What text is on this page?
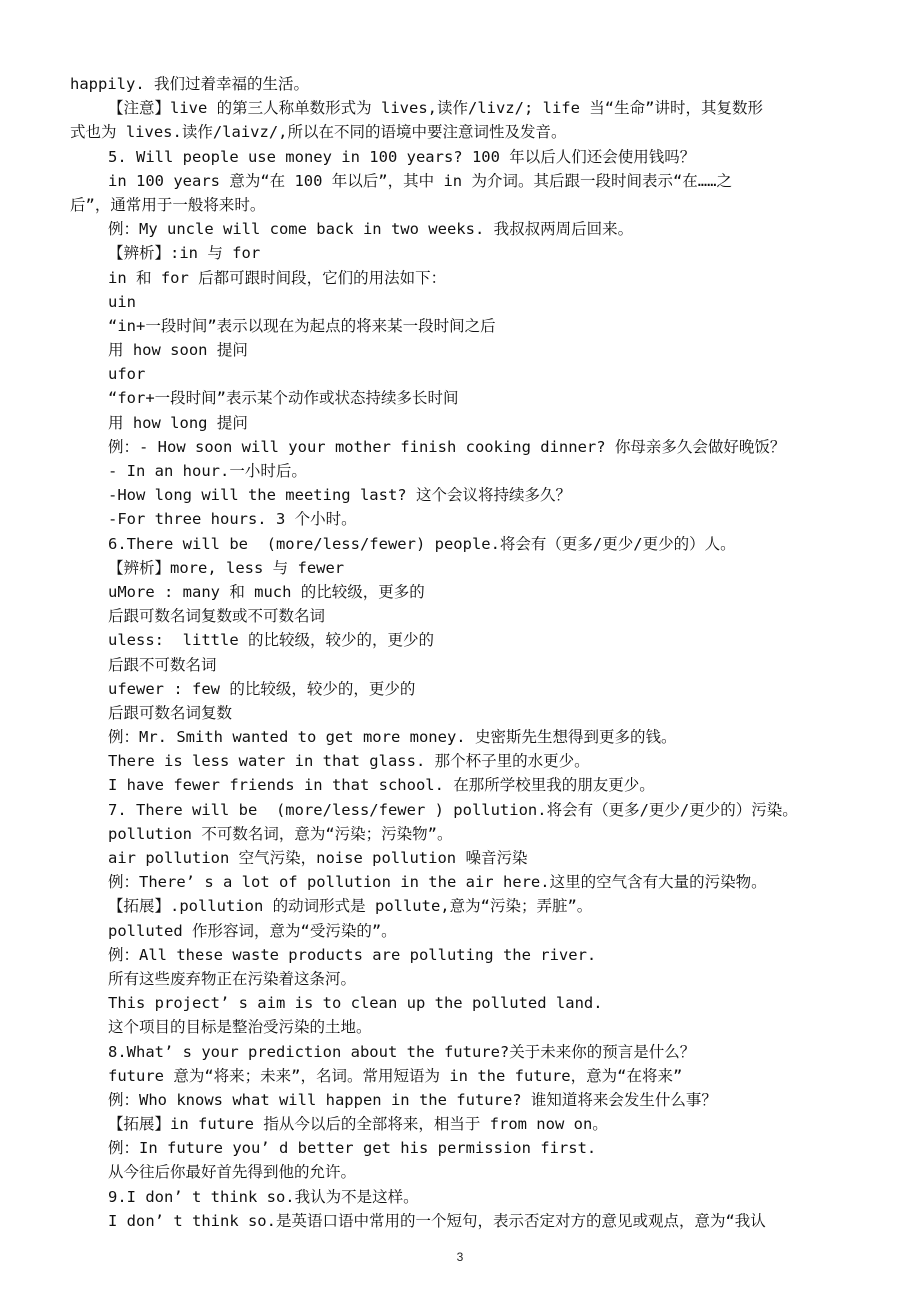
happily. 我们过着幸福的生活。
【注意】live 的第三人称单数形式为 lives,读作/livz/; life 当“生命”讲时，其复数形
式也为 lives.读作/laivz/,所以在不同的语境中要注意词性及发音。
5. Will people use money in 100 years? 100 年以后人们还会使用钱吗？
in 100 years 意为“在 100 年以后”，其中 in 为介词。其后跟一段时间表示“在……之
后”，通常用于一般将来时。
例：My uncle will come back in two weeks. 我叔叔两周后回来。
【辨析】:in 与 for
in 和 for 后都可跟时间段，它们的用法如下：
uin
“in+一段时间”表示以现在为起点的将来某一段时间之后
用 how soon 提问
ufor
“for+一段时间”表示某个动作或状态持续多长时间
用 how long 提问
例：- How soon will your mother finish cooking dinner? 你母亲多久会做好晚饭？
- In an hour.一小时后。
-How long will the meeting last? 这个会议将持续多久？
-For three hours. 3 个小时。
6.There will be  (more/less/fewer) people.将会有（更多/更少/更少的）人。
【辨析】more, less 与 fewer
uMore : many 和 much 的比较级，更多的
后跟可数名词复数或不可数名词
uless:  little 的比较级，较少的，更少的
后跟不可数名词
ufewer : few 的比较级，较少的，更少的
后跟可数名词复数
例：Mr. Smith wanted to get more money. 史密斯先生想得到更多的钱。
There is less water in that glass. 那个杯子里的水更少。
I have fewer friends in that school. 在那所学校里我的朋友更少。
7. There will be  (more/less/fewer ) pollution.将会有（更多/更少/更少的）污染。
pollution 不可数名词，意为“污染；污染物”。
air pollution 空气污染，noise pollution 噪音污染
例：There’ s a lot of pollution in the air here.这里的空气含有大量的污染物。
【拓展】.pollution 的动词形式是 pollute,意为“污染；弄脏”。
polluted 作形容词，意为“受污染的”。
例：All these waste products are polluting the river.
所有这些废弃物正在污染着这条河。
This project’ s aim is to clean up the polluted land.
这个项目的目标是整治受污染的土地。
8.What’ s your prediction about the future?关于未来你的预言是什么？
future 意为“将来；未来”，名词。常用短语为 in the future，意为“在将来”
例：Who knows what will happen in the future? 谁知道将来会发生什么事？
【拓展】in future 指从今以后的全部将来，相当于 from now on。
例：In future you’ d better get his permission first.
从今往后你最好首先得到他的允许。
9.I don’ t think so.我认为不是这样。
I don’ t think so.是英语口语中常用的一个短句，表示否定对方的意见或观点，意为“我认
3
